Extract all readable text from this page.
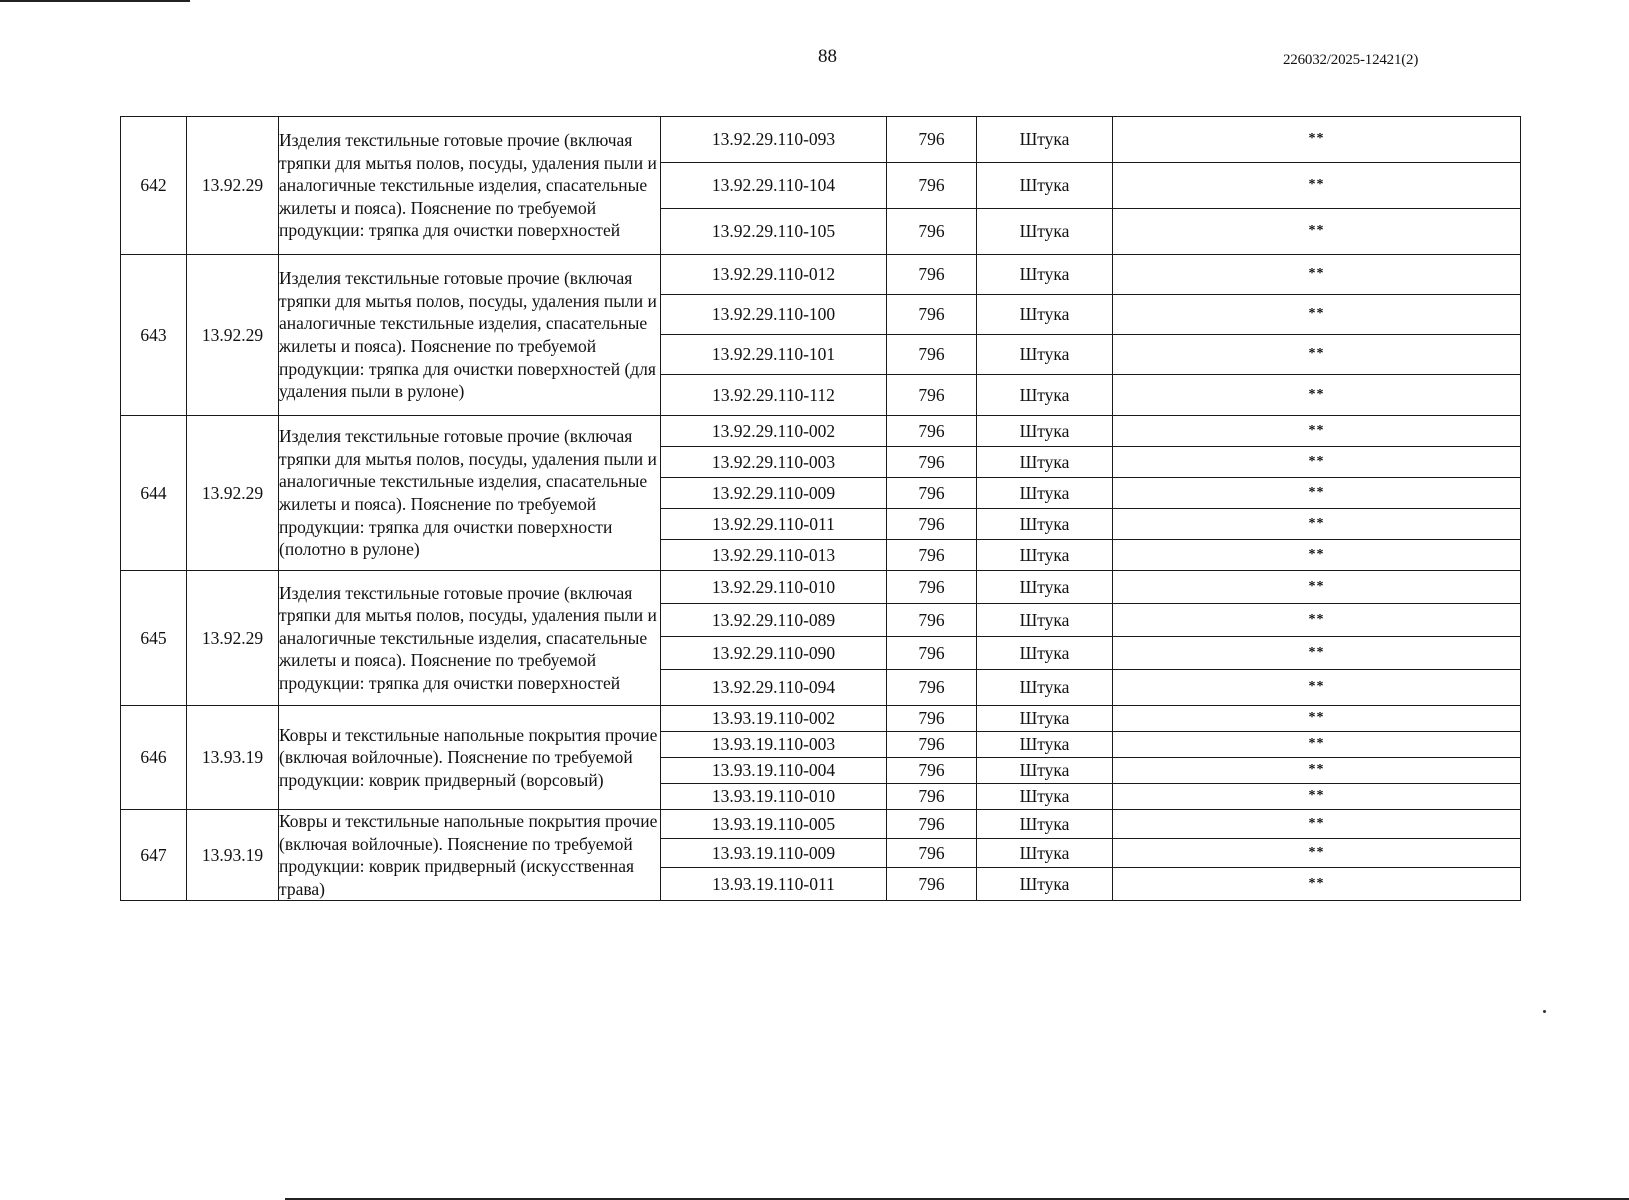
88	226032/2025-12421(2)
642	13.92.29	Изделия текстильные готовые прочие (включая тряпки для мытья полов, посуды, удаления пыли и аналогичные текстильные изделия, спасательные жилеты и пояса). Пояснение по требуемой продукции: тряпка для очистки поверхностей	13.92.29.110-093	796	Штука	**
			13.92.29.110-104	796	Штука	**
			13.92.29.110-105	796	Штука	**
643	13.92.29	Изделия текстильные готовые прочие (включая тряпки для мытья полов, посуды, удаления пыли и аналогичные текстильные изделия, спасательные жилеты и пояса). Пояснение по требуемой продукции: тряпка для очистки поверхностей (для удаления пыли в рулоне)	13.92.29.110-012	796	Штука	**
			13.92.29.110-100	796	Штука	**
			13.92.29.110-101	796	Штука	**
			13.92.29.110-112	796	Штука	**
644	13.92.29	Изделия текстильные готовые прочие (включая тряпки для мытья полов, посуды, удаления пыли и аналогичные текстильные изделия, спасательные жилеты и пояса). Пояснение по требуемой продукции: тряпка для очистки поверхности (полотно в рулоне)	13.92.29.110-002	796	Штука	**
			13.92.29.110-003	796	Штука	**
			13.92.29.110-009	796	Штука	**
			13.92.29.110-011	796	Штука	**
			13.92.29.110-013	796	Штука	**
645	13.92.29	Изделия текстильные готовые прочие (включая тряпки для мытья полов, посуды, удаления пыли и аналогичные текстильные изделия, спасательные жилеты и пояса). Пояснение по требуемой продукции: тряпка для очистки поверхностей	13.92.29.110-010	796	Штука	**
			13.92.29.110-089	796	Штука	**
			13.92.29.110-090	796	Штука	**
			13.92.29.110-094	796	Штука	**
646	13.93.19	Ковры и текстильные напольные покрытия прочие (включая войлочные). Пояснение по требуемой продукции: коврик придверный (ворсовый)	13.93.19.110-002	796	Штука	**
			13.93.19.110-003	796	Штука	**
			13.93.19.110-004	796	Штука	**
			13.93.19.110-010	796	Штука	**
647	13.93.19	Ковры и текстильные напольные покрытия прочие (включая войлочные). Пояснение по требуемой продукции: коврик придверный (искусственная трава)	13.93.19.110-005	796	Штука	**
			13.93.19.110-009	796	Штука	**
			13.93.19.110-011	796	Штука	**
